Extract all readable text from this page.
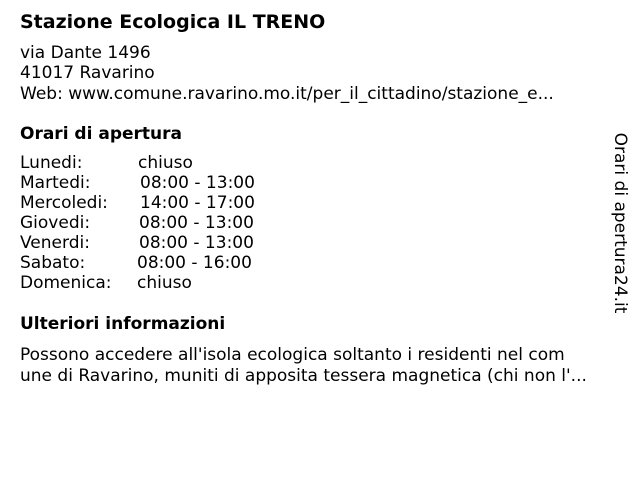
Stazione Ecologica IL TRENO
via Dante 1496
41017 Ravarino
Web: www.comune.ravarino.mo.it/per_il_cittadino/stazione_e...
Orari di apertura
Lunedi:	chiuso
Martedi:	08:00 - 13:00
Mercoledi: 14:00 - 17:00
Giovedi:	08:00 - 13:00
Venerdi:	08:00 - 13:00
Sabato:	08:00 - 16:00
Domenica: chiuso
Ulteriori informazioni
Possono accedere all'isola ecologica soltanto i residenti nel com
une di Ravarino, muniti di apposita tessera magnetica (chi non l'...
Orari di apertura24.it
